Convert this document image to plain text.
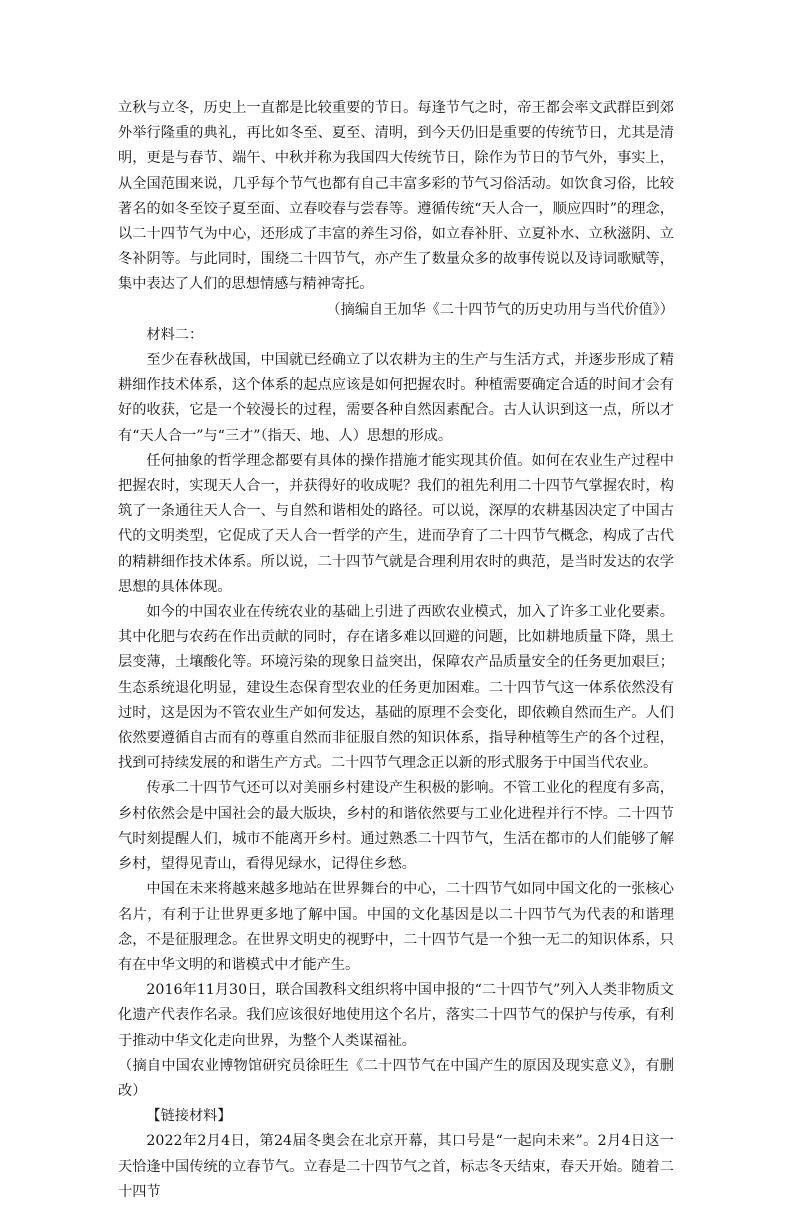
立秋与立冬，历史上一直都是比较重要的节日。每逢节气之时，帝王都会率文武群臣到郊外举行隆重的典礼，再比如冬至、夏至、清明，到今天仍旧是重要的传统节日，尤其是清明，更是与春节、端午、中秋并称为我国四大传统节日，除作为节日的节气外，事实上，从全国范围来说，几乎每个节气也都有自己丰富多彩的节气习俗活动。如饮食习俗，比较著名的如冬至饺子夏至面、立春咬春与尝春等。遵循传统“天人合一，顺应四时”的理念，以二十四节气为中心，还形成了丰富的养生习俗，如立春补肝、立夏补水、立秋滋阴、立冬补阴等。与此同时，围绕二十四节气，亦产生了数量众多的故事传说以及诗词歌赋等，集中表达了人们的思想情感与精神寄托。

（摘编自王加华《二十四节气的历史功用与当代价值》）

材料二：

至少在春秋战国，中国就已经确立了以农耕为主的生产与生活方式，并逐步形成了精耕细作技术体系，这个体系的起点应该是如何把握农时。种植需要确定合适的时间才会有好的收获，它是一个较漫长的过程，需要各种自然因素配合。古人认识到这一点，所以才有“天人合一”与“三才”（指天、地、人）思想的形成。

任何抽象的哲学理念都要有具体的操作措施才能实现其价值。如何在农业生产过程中把握农时，实现天人合一，并获得好的收成呢？我们的祖先利用二十四节气掌握农时，构筑了一条通往天人合一、与自然和谐相处的路径。可以说，深厚的农耕基因决定了中国古代的文明类型，它促成了天人合一哲学的产生，进而孕育了二十四节气概念，构成了古代的精耕细作技术体系。所以说，二十四节气就是合理利用农时的典范，是当时发达的农学思想的具体体现。

如今的中国农业在传统农业的基础上引进了西欧农业模式，加入了许多工业化要素。其中化肥与农药在作出贡献的同时，存在诸多难以回避的问题，比如耕地质量下降，黑土层变薄，土壤酸化等。环境污染的现象日益突出，保障农产品质量安全的任务更加艰巨；生态系统退化明显，建设生态保育型农业的任务更加困难。二十四节气这一体系依然没有过时，这是因为不管农业生产如何发达，基础的原理不会变化，即依赖自然而生产。人们依然要遵循自古而有的尊重自然而非征服自然的知识体系，指导种植等生产的各个过程，找到可持续发展的和谐生产方式。二十四节气理念正以新的形式服务于中国当代农业。

传承二十四节气还可以对美丽乡村建设产生积极的影响。不管工业化的程度有多高，乡村依然会是中国社会的最大版块，乡村的和谐依然要与工业化进程并行不悖。二十四节气时刻提醒人们，城市不能离开乡村。通过熟悉二十四节气，生活在都市的人们能够了解乡村，望得见青山，看得见绿水，记得住乡愁。

中国在未来将越来越多地站在世界舞台的中心，二十四节气如同中国文化的一张核心名片，有利于让世界更多地了解中国。中国的文化基因是以二十四节气为代表的和谐理念，不是征服理念。在世界文明史的视野中，二十四节气是一个独一无二的知识体系，只有在中华文明的和谐模式中才能产生。

2016年11月30日，联合国教科文组织将中国申报的“二十四节气”列入人类非物质文化遗产代表作名录。我们应该很好地使用这个名片，落实二十四节气的保护与传承，有利于推动中华文化走向世界，为整个人类谋福祉。

（摘自中国农业博物馆研究员徐旺生《二十四节气在中国产生的原因及现实意义》，有删改）

【链接材料】

2022年2月4日，第24届冬奥会在北京开幕，其口号是“一起向未来”。2月4日这一天恰逢中国传统的立春节气。立春是二十四节气之首，标志冬天结束，春天开始。随着二十四节
